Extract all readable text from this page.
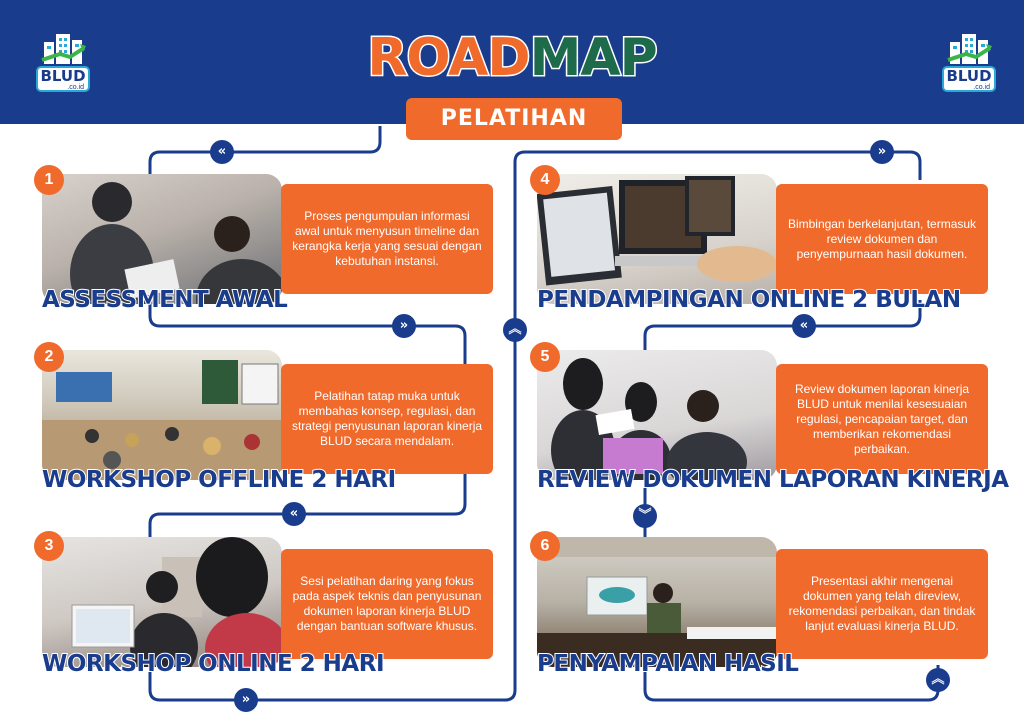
BLUD
.co.id
BLUD
.co.id
ROADMAP
PELATIHAN
«	»
»	«
︽
«	︾
»
︽
1
Proses pengumpulan informasi awal untuk menyusun timeline dan kerangka kerja yang sesuai dengan kebutuhan instansi.
ASSESSMENT AWAL
2
Pelatihan tatap muka untuk membahas konsep, regulasi, dan strategi penyusunan laporan kinerja BLUD secara mendalam.
WORKSHOP OFFLINE 2 HARI
3
Sesi pelatihan daring yang fokus pada aspek teknis dan penyusunan dokumen laporan kinerja BLUD dengan bantuan software khusus.
WORKSHOP ONLINE 2 HARI
4
Bimbingan berkelanjutan, termasuk review dokumen dan penyempurnaan hasil dokumen.
PENDAMPINGAN ONLINE 2 BULAN
5
Review dokumen laporan kinerja BLUD untuk menilai kesesuaian regulasi, pencapaian target, dan memberikan rekomendasi perbaikan.
REVIEW DOKUMEN LAPORAN KINERJA
6
Presentasi akhir mengenai dokumen yang telah direview, rekomendasi perbaikan, dan tindak lanjut evaluasi kinerja BLUD.
PENYAMPAIAN HASIL
